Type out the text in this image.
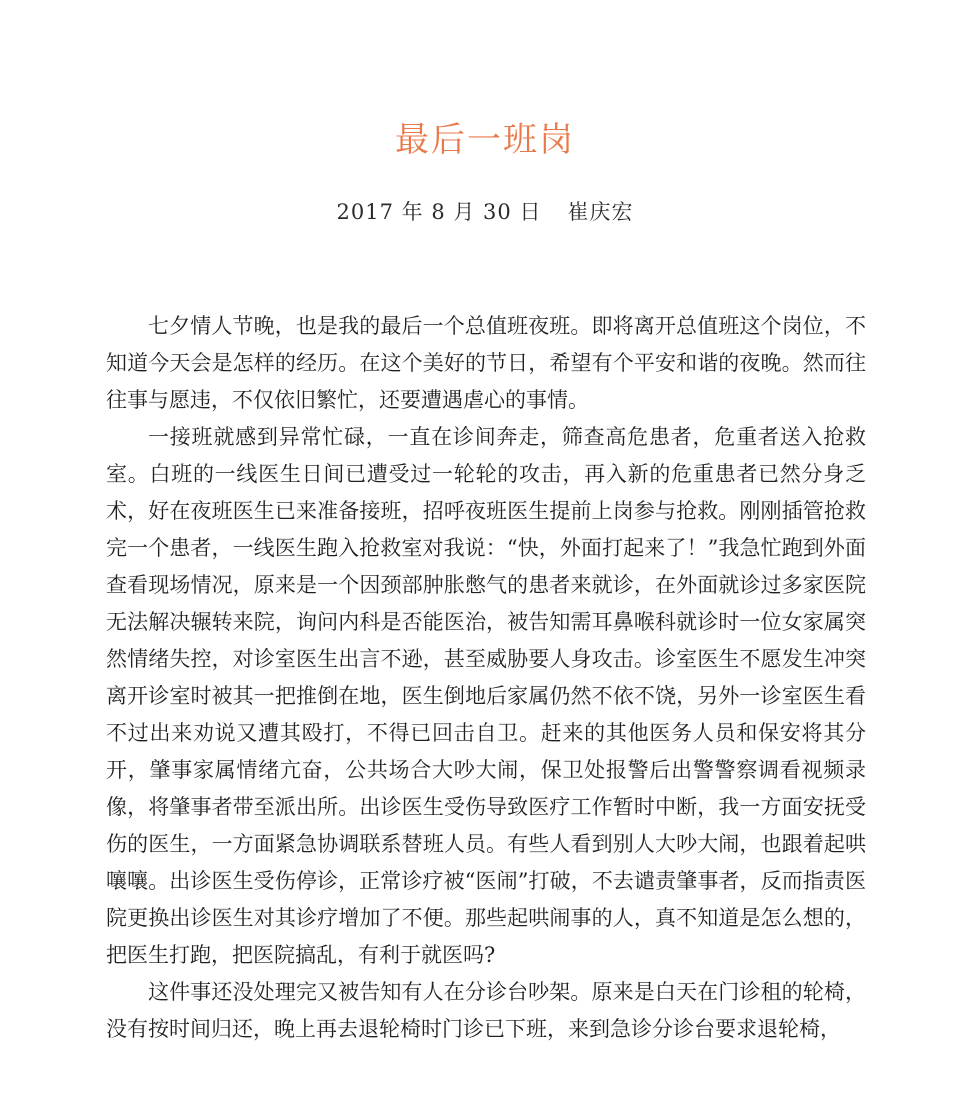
最后一班岗
2017 年 8 月 30 日 崔庆宏

七夕情人节晚，也是我的最后一个总值班夜班。即将离开总值班这个岗位，不知道今天会是怎样的经历。在这个美好的节日，希望有个平安和谐的夜晚。然而往往事与愿违，不仅依旧繁忙，还要遭遇虐心的事情。

一接班就感到异常忙碌，一直在诊间奔走，筛查高危患者，危重者送入抢救室。白班的一线医生日间已遭受过一轮轮的攻击，再入新的危重患者已然分身乏术，好在夜班医生已来准备接班，招呼夜班医生提前上岗参与抢救。刚刚插管抢救完一个患者，一线医生跑入抢救室对我说：“快，外面打起来了！”我急忙跑到外面查看现场情况，原来是一个因颈部肿胀憋气的患者来就诊，在外面就诊过多家医院无法解决辗转来院，询问内科是否能医治，被告知需耳鼻喉科就诊时一位女家属突然情绪失控，对诊室医生出言不逊，甚至威胁要人身攻击。诊室医生不愿发生冲突离开诊室时被其一把推倒在地，医生倒地后家属仍然不依不饶，另外一诊室医生看不过出来劝说又遭其殴打，不得已回击自卫。赶来的其他医务人员和保安将其分开，肇事家属情绪亢奋，公共场合大吵大闹，保卫处报警后出警警察调看视频录像，将肇事者带至派出所。出诊医生受伤导致医疗工作暂时中断，我一方面安抚受伤的医生，一方面紧急协调联系替班人员。有些人看到别人大吵大闹，也跟着起哄嚷嚷。出诊医生受伤停诊，正常诊疗被“医闹”打破，不去谴责肇事者，反而指责医院更换出诊医生对其诊疗增加了不便。那些起哄闹事的人，真不知道是怎么想的，把医生打跑，把医院搞乱，有利于就医吗?

这件事还没处理完又被告知有人在分诊台吵架。原来是白天在门诊租的轮椅，没有按时间归还，晚上再去退轮椅时门诊已下班，来到急诊分诊台要求退轮椅，
